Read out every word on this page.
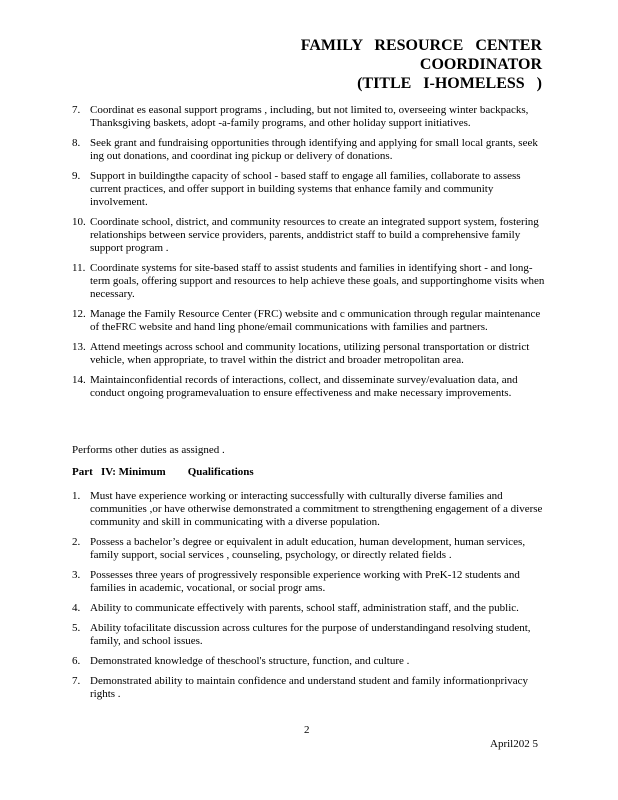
FAMILY   RESOURCE   CENTER
COORDINATOR
(TITLE   I-HOMELESS   )
7. Coordinat es easonal support programs , including, but not limited to, overseeing winter backpacks, Thanksgiving baskets, adopt -a-family programs, and other holiday support initiatives.
8. Seek grant and fundraising opportunities through identifying and applying for small local grants, seek ing out donations, and coordinat ing pickup or delivery of donations.
9. Support in buildingthe capacity of school - based staff to engage all families, collaborate to assess current practices, and offer support in building systems that enhance family and community involvement.
10. Coordinate school, district, and community resources to create an integrated support system, fostering relationships between service providers, parents, anddistrict staff to build a comprehensive family support program .
11. Coordinate systems for site-based staff to assist students and families in identifying short - and long-term goals, offering support and resources to help achieve these goals, and supportinghome visits when necessary.
12. Manage the Family Resource Center (FRC) website and c ommunication through regular maintenance of theFRC website and hand ling phone/email communications with families and partners.
13. Attend meetings across school and community locations, utilizing personal transportation or district vehicle, when appropriate, to travel within the district and broader metropolitan area.
14. Maintainconfidential records of interactions, collect, and disseminate survey/evaluation data, and conduct ongoing programevaluation to ensure effectiveness and make necessary improvements.
Performs other duties as assigned .
Part   IV: Minimum        Qualifications
1. Must have experience working or interacting successfully with culturally diverse families and communities ,or have otherwise demonstrated a commitment to strengthening engagement of a diverse community and skill in communicating with a diverse population.
2. Possess a bachelor’s degree or equivalent in adult education, human development, human services, family support, social services , counseling, psychology, or directly related fields .
3. Possesses three years of progressively responsible experience working with PreK-12 students and families in academic, vocational, or social progr ams.
4. Ability to communicate effectively with parents, school staff, administration staff, and the public.
5. Ability tofacilitate discussion across cultures for the purpose of understandingand resolving student, family, and school issues.
6. Demonstrated knowledge of theschool's structure, function, and culture .
7. Demonstrated ability to maintain confidence and understand student and family informationprivacy rights .
2
April202 5
